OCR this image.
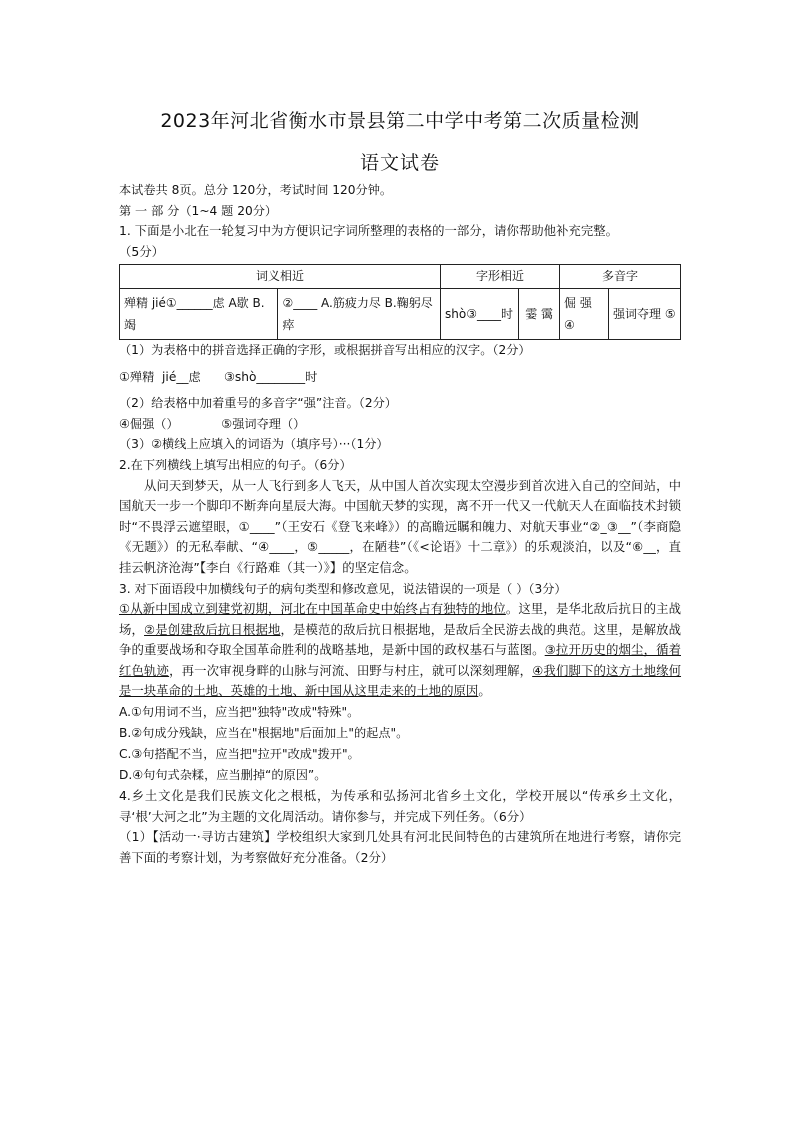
2023年河北省衡水市景县第二中学中考第二次质量检测
语文试卷
本试卷共 8页。总分 120分，考试时间 120分钟。
第 一 部 分（1~4 题 20分）
1. 下面是小北在一轮复习中为方便识记字词所整理的表格的一部分，请你帮助他补充完整。
（5分）
词义相近		字形相近		多音字	
殚精 jié①______虑 A歇 B.竭	②____ A.筋疲力尽 B.鞠躬尽瘁	shò③____时	霎 霭	倔 强 ④	强词夺理 ⑤
（1）为表格中的拼音选择正确的字形，或根据拼音写出相应的汉字。（2分）
①殚精  jié__虑      ③shò________时
（2）给表格中加着重号的多音字“强”注音。（2分）
④倔强（）           ⑤强词夺理（）
（3）②横线上应填入的词语为（填序号）···（1分）
2.在下列横线上填写出相应的句子。（6分）
从问天到梦天，从一人飞行到多人飞天，从中国人首次实现太空漫步到首次进入自己的空间站，中国航天一步一个脚印不断奔向星辰大海。中国航天梦的实现，离不开一代又一代航天人在面临技术封锁时“不畏浮云遮望眼，①____”（王安石《登飞来峰》）的高瞻远瞩和魄力、对航天事业“②_③__”（李商隐《无题》）的无私奉献、“④____，⑤_____，在陋巷”（《<论语》十二章》）的乐观淡泊，以及“⑥__，直挂云帆济沧海”【李白《行路难（其一）》】的坚定信念。
3. 对下面语段中加横线句子的病句类型和修改意见，说法错误的一项是（ ）（3分）
①从新中国成立到建党初期，河北在中国革命史中始终占有独特的地位。这里，是华北敌后抗日的主战场，②是创建敌后抗日根据地，是模范的敌后抗日根据地，是敌后全民游去战的典范。这里，是解放战争的重要战场和夺取全国革命胜利的战略基地，是新中国的政权基石与蓝图。③拉开历史的烟尘，循着红色轨迹，再一次审视身畔的山脉与河流、田野与村庄，就可以深刻理解，④我们脚下的这方土地缘何是一块革命的土地、英雄的土地、新中国从这里走来的土地的原因。
A.①句用词不当，应当把"独特"改成"特殊"。
B.②句成分残缺，应当在"根据地"后面加上"的起点"。
C.③句搭配不当，应当把"拉开"改成"拨开"。
D.④句句式杂糅，应当删掉“的原因”。
4.乡土文化是我们民族文化之根柢，为传承和弘扬河北省乡土文化，学校开展以“传承乡土文化，寻‘根’大河之北”为主题的文化周活动。请你参与，并完成下列任务。（6分）
（1）【活动一·寻访古建筑】学校组织大家到几处具有河北民间特色的古建筑所在地进行考察，请你完善下面的考察计划，为考察做好充分准备。（2分）
